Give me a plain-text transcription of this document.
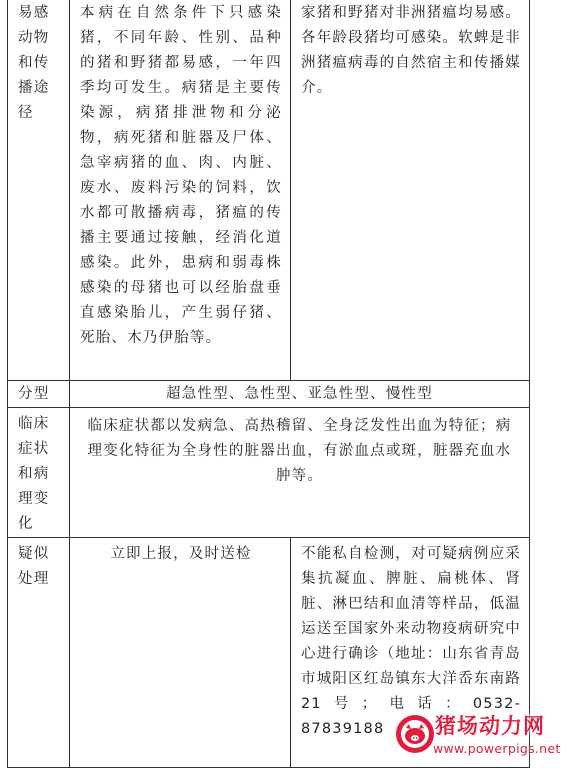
易感动物和传播途径	本病在自然条件下只感染猪，不同年龄、性别、品种的猪和野猪都易感，一年四季均可发生。病猪是主要传染源，病猪排泄物和分泌物，病死猪和脏器及尸体、急宰病猪的血、肉、内脏、废水、废料污染的饲料，饮水都可散播病毒，猪瘟的传播主要通过接触，经消化道感染。此外，患病和弱毒株感染的母猪也可以经胎盘垂直感染胎儿，产生弱仔猪、死胎、木乃伊胎等。	家猪和野猪对非洲猪瘟均易感。各年龄段猪均可感染。软蜱是非洲猪瘟病毒的自然宿主和传播媒介。
分型	超急性型、急性型、亚急性型、慢性型	
临床症状和病理变化	临床症状都以发病急、高热稽留、全身泛发性出血为特征；病理变化特征为全身性的脏器出血，有淤血点或斑，脏器充血水肿等。	
疑似处理	立即上报，及时送检	不能私自检测，对可疑病例应采集抗凝血、脾脏、扁桃体、肾脏、淋巴结和血清等样品，低温运送至国家外来动物疫病研究中心进行确诊（地址：山东省青岛市城阳区红岛镇东大洋岙东南路21号；电话：0532-87839188 猪场动力网
www.powerpigs.net
